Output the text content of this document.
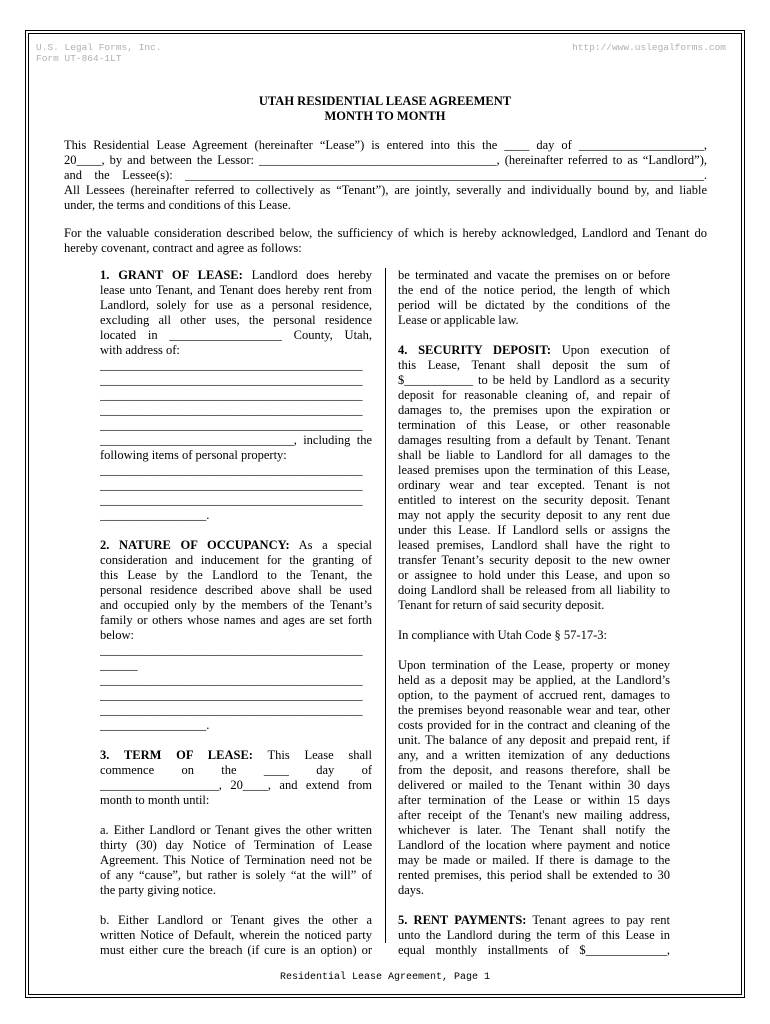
U.S. Legal Forms, Inc.
Form UT-864-1LT
http://www.uslegalforms.com
UTAH RESIDENTIAL LEASE AGREEMENT
MONTH TO MONTH
This Residential Lease Agreement (hereinafter “Lease”) is entered into this the ____ day of ____________________,
20____, by and between the Lessor: ______________________________________, (hereinafter referred to as “Landlord”),
and the Lessee(s): ___________________________________________________________________________________.
All Lessees (hereinafter referred to collectively as “Tenant”), are jointly, severally and individually bound by, and liable
under, the terms and conditions of this Lease.
For the valuable consideration described below, the sufficiency of which is hereby acknowledged, Landlord and Tenant do
hereby covenant, contract and agree as follows:
1. GRANT OF LEASE: Landlord does hereby
lease unto Tenant, and Tenant does hereby rent from
Landlord, solely for use as a personal residence,
excluding all other uses, the personal residence
located in __________________ County, Utah,
with address of:
__________________________________________
__________________________________________
__________________________________________
__________________________________________
__________________________________________
_______________________________, including the
following items of personal property:
__________________________________________
__________________________________________
__________________________________________
_________________.
2. NATURE OF OCCUPANCY: As a special
consideration and inducement for the granting of
this Lease by the Landlord to the Tenant, the
personal residence described above shall be used
and occupied only by the members of the Tenant’s
family or others whose names and ages are set forth
below:
__________________________________________
______
__________________________________________
__________________________________________
__________________________________________
_________________.
3. TERM OF LEASE: This Lease shall
commence on the ____ day of
___________________, 20____, and extend from
month to month until:
a. Either Landlord or Tenant gives the other written
thirty (30) day Notice of Termination of Lease
Agreement. This Notice of Termination need not be
of any “cause”, but rather is solely “at the will” of
the party giving notice.
b. Either Landlord or Tenant gives the other a
written Notice of Default, wherein the noticed party
must either cure the breach (if cure is an option) or
be terminated and vacate the premises on or before
the end of the notice period, the length of which
period will be dictated by the conditions of the
Lease or applicable law.
4. SECURITY DEPOSIT: Upon execution of
this Lease, Tenant shall deposit the sum of
$___________ to be held by Landlord as a security
deposit for reasonable cleaning of, and repair of
damages to, the premises upon the expiration or
termination of this Lease, or other reasonable
damages resulting from a default by Tenant. Tenant
shall be liable to Landlord for all damages to the
leased premises upon the termination of this Lease,
ordinary wear and tear excepted. Tenant is not
entitled to interest on the security deposit. Tenant
may not apply the security deposit to any rent due
under this Lease. If Landlord sells or assigns the
leased premises, Landlord shall have the right to
transfer Tenant’s security deposit to the new owner
or assignee to hold under this Lease, and upon so
doing Landlord shall be released from all liability to
Tenant for return of said security deposit.
In compliance with Utah Code § 57-17-3:
Upon termination of the Lease, property or money
held as a deposit may be applied, at the Landlord’s
option, to the payment of accrued rent, damages to
the premises beyond reasonable wear and tear, other
costs provided for in the contract and cleaning of the
unit. The balance of any deposit and prepaid rent, if
any, and a written itemization of any deductions
from the deposit, and reasons therefore, shall be
delivered or mailed to the Tenant within 30 days
after termination of the Lease or within 15 days
after receipt of the Tenant's new mailing address,
whichever is later. The Tenant shall notify the
Landlord of the location where payment and notice
may be made or mailed. If there is damage to the
rented premises, this period shall be extended to 30
days.
5. RENT PAYMENTS: Tenant agrees to pay rent
unto the Landlord during the term of this Lease in
equal monthly installments of $_____________,
Residential Lease Agreement, Page 1
